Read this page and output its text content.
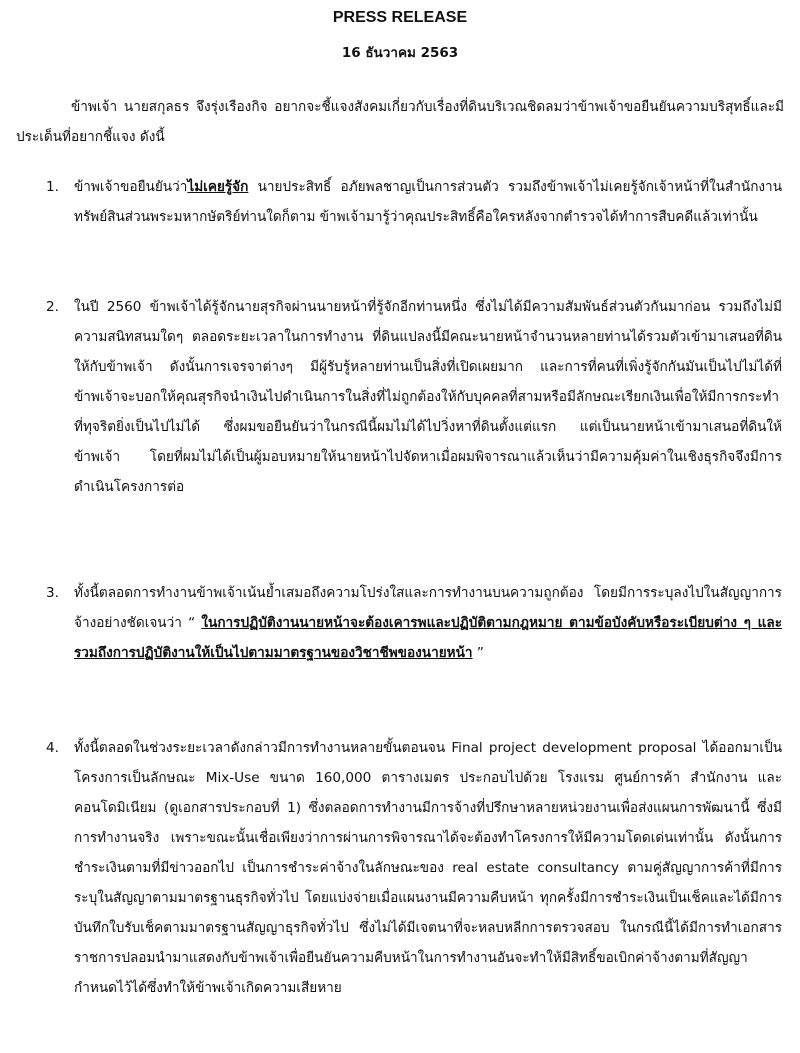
PRESS RELEASE
16 ธันวาคม 2563

ข้าพเจ้า นายสกุลธร จึงรุ่งเรืองกิจ อยากจะชี้แจงสังคมเกี่ยวกับเรื่องที่ดินบริเวณชิดลมว่าข้าพเจ้าขอยืนยันความบริสุทธิ์และมีประเด็นที่อยากชี้แจง ดังนี้

1. ข้าพเจ้าขอยืนยันว่าไม่เคยรู้จัก นายประสิทธิ์ อภัยพลชาญเป็นการส่วนตัว รวมถึงข้าพเจ้าไม่เคยรู้จักเจ้าหน้าที่ในสำนักงานทรัพย์สินส่วนพระมหากษัตริย์ท่านใดก็ตาม ข้าพเจ้ามารู้ว่าคุณประสิทธิ์คือใครหลังจากตำรวจได้ทำการสืบคดีแล้วเท่านั้น

2. ในปี 2560 ข้าพเจ้าได้รู้จักนายสุรกิจผ่านนายหน้าที่รู้จักอีกท่านหนึ่ง ซึ่งไม่ได้มีความสัมพันธ์ส่วนตัวกันมาก่อน รวมถึงไม่มีความสนิทสนมใดๆ ตลอดระยะเวลาในการทำงาน ที่ดินแปลงนี้มีคณะนายหน้าจำนวนหลายท่านได้รวมตัวเข้ามาเสนอที่ดินให้กับข้าพเจ้า ดังนั้นการเจรจาต่างๆ มีผู้รับรู้หลายท่านเป็นสิ่งที่เปิดเผยมาก และการที่คนที่เพิ่งรู้จักกันมันเป็นไปไม่ได้ที่ข้าพเจ้าจะบอกให้คุณสุรกิจนำเงินไปดำเนินการในสิ่งที่ไม่ถูกต้องให้กับบุคคลที่สามหรือมีลักษณะเรียกเงินเพื่อให้มีการกระทำที่ทุจริตยิ่งเป็นไปไม่ได้ ซึ่งผมขอยืนยันว่าในกรณีนี้ผมไม่ได้ไปวิ่งหาที่ดินตั้งแต่แรก แต่เป็นนายหน้าเข้ามาเสนอที่ดินให้ข้าพเจ้า โดยที่ผมไม่ได้เป็นผู้มอบหมายให้นายหน้าไปจัดหาเมื่อผมพิจารณาแล้วเห็นว่ามีความคุ้มค่าในเชิงธุรกิจจึงมีการดำเนินโครงการต่อ

3. ทั้งนี้ตลอดการทำงานข้าพเจ้าเน้นย้ำเสมอถึงความโปร่งใสและการทำงานบนความถูกต้อง โดยมีการระบุลงไปในสัญญาการจ้างอย่างชัดเจนว่า “ ในการปฏิบัติงานนายหน้าจะต้องเคารพและปฏิบัติตามกฎหมาย ตามข้อบังคับหรือระเบียบต่าง ๆ และรวมถึงการปฏิบัติงานให้เป็นไปตามมาตรฐานของวิชาชีพของนายหน้า ”

4. ทั้งนี้ตลอดในช่วงระยะเวลาดังกล่าวมีการทำงานหลายขั้นตอนจน Final project development proposal ได้ออกมาเป็นโครงการเป็นลักษณะ Mix-Use ขนาด 160,000 ตารางเมตร ประกอบไปด้วย โรงแรม ศูนย์การค้า สำนักงาน และคอนโดมิเนียม (ดูเอกสารประกอบที่ 1) ซึ่งตลอดการทำงานมีการจ้างที่ปรึกษาหลายหน่วยงานเพื่อส่งแผนการพัฒนานี้ ซึ่งมีการทำงานจริง เพราะขณะนั้นเชื่อเพียงว่าการผ่านการพิจารณาได้จะต้องทำโครงการให้มีความโดดเด่นเท่านั้น ดังนั้นการชำระเงินตามที่มีข่าวออกไป เป็นการชำระค่าจ้างในลักษณะของ real estate consultancy ตามคู่สัญญาการค้าที่มีการระบุในสัญญาตามมาตรฐานธุรกิจทั่วไป โดยแบ่งจ่ายเมื่อแผนงานมีความคืบหน้า ทุกครั้งมีการชำระเงินเป็นเช็คและได้มีการบันทึกใบรับเช็คตามมาตรฐานสัญญาธุรกิจทั่วไป ซึ่งไม่ได้มีเจตนาที่จะหลบหลีกการตรวจสอบ ในกรณีนี้ได้มีการทำเอกสารราชการปลอมนำมาแสดงกับข้าพเจ้าเพื่อยืนยันความคืบหน้าในการทำงานอันจะทำให้มีสิทธิ์ขอเบิกค่าจ้างตามที่สัญญากำหนดไว้ได้ซึ่งทำให้ข้าพเจ้าเกิดความเสียหาย
